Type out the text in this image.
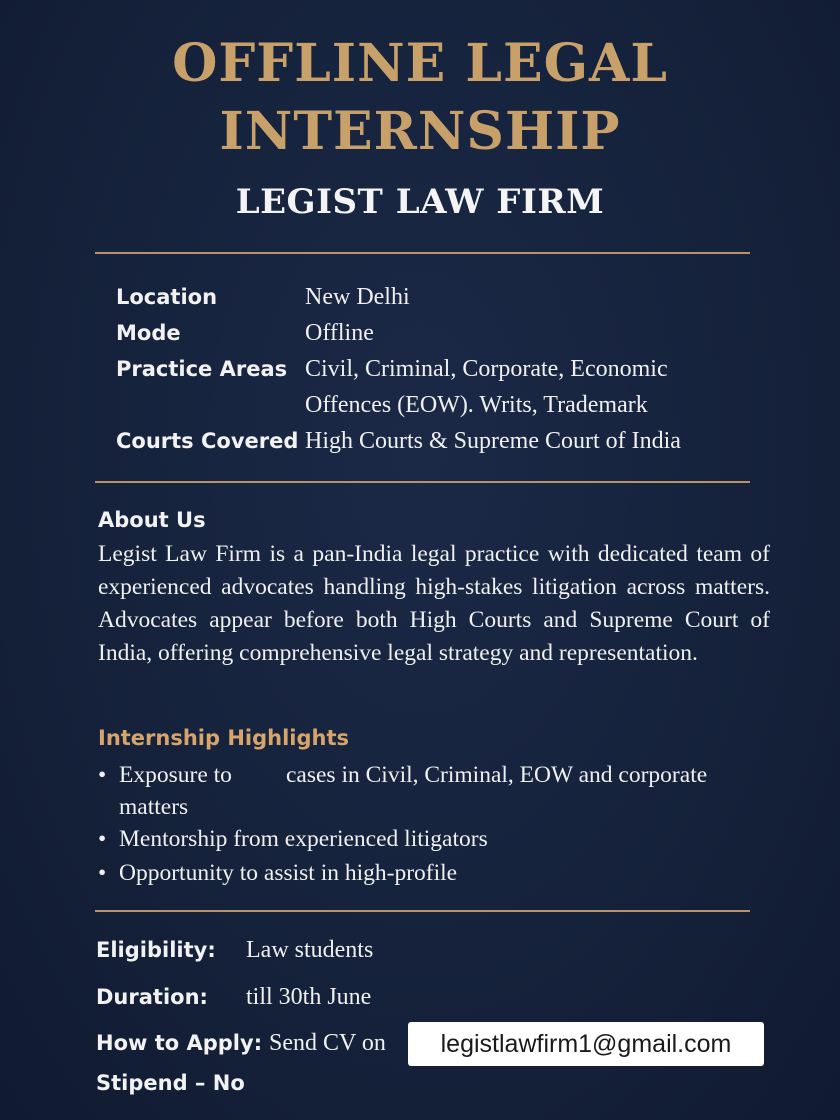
OFFLINE LEGAL
INTERNSHIP
LEGIST LAW FIRM
Location	New Delhi
Mode	Offline
Practice Areas Civil, Criminal, Corporate, Economic
Offences (EOW). Writs, Trademark
Courts Covered High Courts & Supreme Court of India
About Us

Legist Law Firm is a pan-India legal practice with dedicated team of experienced advocates handling high-stakes litigation across matters. Advocates appear before both High Courts and Supreme Court of India, offering comprehensive legal strategy and representation.

Internship Highlights
• Exposure to cases in Civil, Criminal, EOW and corporate
matters
• Mentorship from experienced litigators
• Opportunity to assist in high-profile
Eligibility: Law students
Duration: till 30th June
How to Apply: Send CV on	legistlawfirm1@gmail.com
Stipend – No
